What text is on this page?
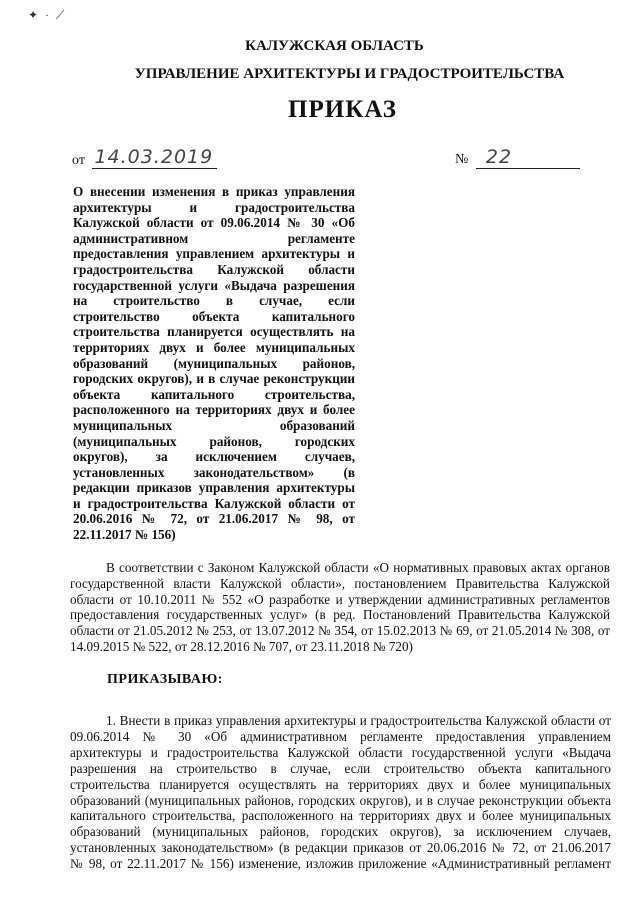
✦ · ⟋
КАЛУЖСКАЯ ОБЛАСТЬ
УПРАВЛЕНИЕ АРХИТЕКТУРЫ И ГРАДОСТРОИТЕЛЬСТВА
ПРИКАЗ
от 14.03.2019	№ 22
О внесении изменения в приказ управления
архитектуры и градостроительства
Калужской области от 09.06.2014 № 30 «Об
административном регламенте
предоставления управлением архитектуры и
градостроительства Калужской области
государственной услуги «Выдача разрешения
на строительство в случае, если
строительство объекта капитального
строительства планируется осуществлять на
территориях двух и более муниципальных
образований (муниципальных районов,
городских округов), и в случае реконструкции
объекта капитального строительства,
расположенного на территориях двух и более
муниципальных образований
(муниципальных районов, городских
округов), за исключением случаев,
установленных законодательством» (в
редакции приказов управления архитектуры
и градостроительства Калужской области от
20.06.2016 № 72, от 21.06.2017 № 98, от
22.11.2017 № 156)
В соответствии с Законом Калужской области «О нормативных правовых актах органов
государственной власти Калужской области», постановлением Правительства Калужской
области от 10.10.2011 № 552 «О разработке и утверждении административных регламентов
предоставления государственных услуг» (в ред. Постановлений Правительства Калужской
области от 21.05.2012 № 253, от 13.07.2012 № 354, от 15.02.2013 № 69, от 21.05.2014 № 308, от
14.09.2015 № 522, от 28.12.2016 № 707, от 23.11.2018 № 720)
ПРИКАЗЫВАЮ:
1. Внести в приказ управления архитектуры и градостроительства Калужской области от
09.06.2014 № 30 «Об административном регламенте предоставления управлением
архитектуры и градостроительства Калужской области государственной услуги «Выдача
разрешения на строительство в случае, если строительство объекта капитального
строительства планируется осуществлять на территориях двух и более муниципальных
образований (муниципальных районов, городских округов), и в случае реконструкции объекта
капитального строительства, расположенного на территориях двух и более муниципальных
образований (муниципальных районов, городских округов), за исключением случаев,
установленных законодательством» (в редакции приказов от 20.06.2016 № 72, от 21.06.2017
№ 98, от 22.11.2017 № 156) изменение, изложив приложение «Административный регламент
